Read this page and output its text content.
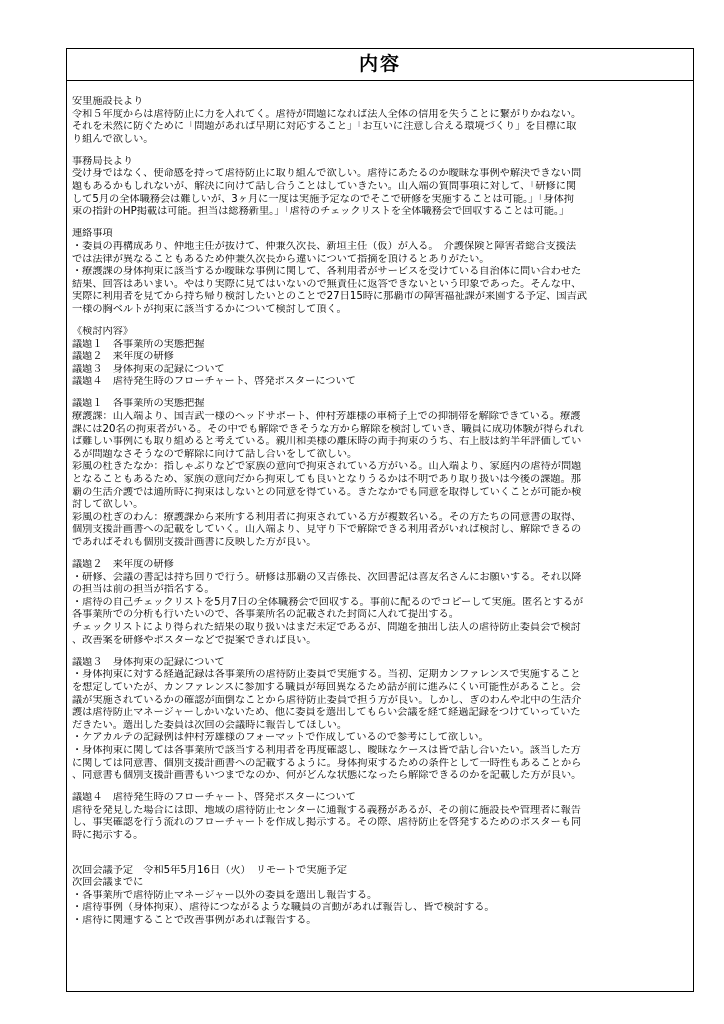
内容
安里施設長より
令和５年度からは虐待防止に力を入れてく。虐待が問題になれば法人全体の信用を失うことに繋がりかねない。
それを未然に防ぐために「問題があれば早期に対応すること」「お互いに注意し合える環境づくり」を目標に取
り組んで欲しい。
事務局長より
受け身ではなく、使命感を持って虐待防止に取り組んで欲しい。虐待にあたるのか曖昧な事例や解決できない問
題もあるかもしれないが、解決に向けて話し合うことはしていきたい。山入端の質問事項に対して、「研修に関
して5月の全体職務会は難しいが、3ヶ月に一度は実施予定なのでそこで研修を実施することは可能。」「身体拘
束の指針のHP掲載は可能。担当は総務新里。」「虐待のチェックリストを全体職務会で回収することは可能。」
連絡事項
・委員の再構成あり、仲地主任が抜けて、仲兼久次長、新垣主任（仮）が入る。　介護保険と障害者総合支援法
では法律が異なることもあるため仲兼久次長から違いについて指摘を頂けるとありがたい。
・療護課の身体拘束に該当するか曖昧な事例に関して、各利用者がサービスを受けている自治体に問い合わせた
結果、回答はあいまい。やはり実際に見てはいないので無責任に返答できないという印象であった。そんな中、
実際に利用者を見てから持ち帰り検討したいとのことで27日15時に那覇市の障害福祉課が来園する予定、国吉武
一様の胸ベルトが拘束に該当するかについて検討して頂く。
《検討内容》
議題１　各事業所の実態把握
議題２　来年度の研修
議題３　身体拘束の記録について
議題４　虐待発生時のフローチャート、啓発ポスターについて
議題１　各事業所の実態把握
療護課：山入端より、国吉武一様のヘッドサポート、仲村芳雄様の車椅子上での抑制帯を解除できている。療護
課には20名の拘束者がいる。その中でも解除できそうな方から解除を検討していき、職員に成功体験が得られれ
ば難しい事例にも取り組めると考えている。親川和美様の離床時の両手拘束のうち、右上肢は約半年評価してい
るが問題なさそうなので解除に向けて話し合いをして欲しい。
彩風の杜きたなか：指しゃぶりなどで家族の意向で拘束されている方がいる。山入端より、家庭内の虐待が問題
となることもあるため、家族の意向だから拘束しても良いとなりうるかは不明であり取り扱いは今後の課題。那
覇の生活介護では通所時に拘束はしないとの同意を得ている。きたなかでも同意を取得していくことが可能か検
討して欲しい。
彩風の杜ぎのわん：療護課から来所する利用者に拘束されている方が複数名いる。その方たちの同意書の取得、
個別支援計画書への記載をしていく。山入端より、見守り下で解除できる利用者がいれば検討し、解除できるの
であればそれも個別支援計画書に反映した方が良い。
議題２　来年度の研修
・研修、会議の書記は持ち回りで行う。研修は那覇の又吉係長、次回書記は喜友名さんにお願いする。それ以降
の担当は前の担当が指名する。
・虐待の自己チェックリストを5月7日の全体職務会で回収する。事前に配るのでコピーして実施。匿名とするが
各事業所での分析も行いたいので、各事業所名の記載された封筒に入れて提出する。
チェックリストにより得られた結果の取り扱いはまだ未定であるが、問題を抽出し法人の虐待防止委員会で検討
、改善案を研修やポスターなどで提案できれば良い。
議題３　身体拘束の記録について
・身体拘束に対する経過記録は各事業所の虐待防止委員で実施する。当初、定期カンファレンスで実施すること
を想定していたが、カンファレンスに参加する職員が毎回異なるため話が前に進みにくい可能性があること。会
議が実施されているかの確認が面倒なことから虐待防止委員で担う方が良い。しかし、ぎのわんや北中の生活介
護は虐待防止マネージャーしかいないため、他に委員を選出してもらい会議を経て経過記録をつけていっていた
だきたい。選出した委員は次回の会議時に報告してほしい。
・ケアカルテの記録例は仲村芳雄様のフォーマットで作成しているので参考にして欲しい。
・身体拘束に関しては各事業所で該当する利用者を再度確認し、曖昧なケースは皆で話し合いたい。該当した方
に関しては同意書、個別支援計画書への記載するように。身体拘束するための条件として一時性もあることから
、同意書も個別支援計画書もいつまでなのか、何がどんな状態になったら解除できるのかを記載した方が良い。
議題４　虐待発生時のフローチャート、啓発ポスターについて
虐待を発見した場合には即、地域の虐待防止センターに通報する義務があるが、その前に施設長や管理者に報告
し、事実確認を行う流れのフローチャートを作成し掲示する。その際、虐待防止を啓発するためのポスターも同
時に掲示する。
次回会議予定　令和5年5月16日（火）　リモートで実施予定
次回会議までに
・各事業所で虐待防止マネージャー以外の委員を選出し報告する。
・虐待事例（身体拘束）、虐待につながるような職員の言動があれば報告し、皆で検討する。
・虐待に関連することで改善事例があれば報告する。
